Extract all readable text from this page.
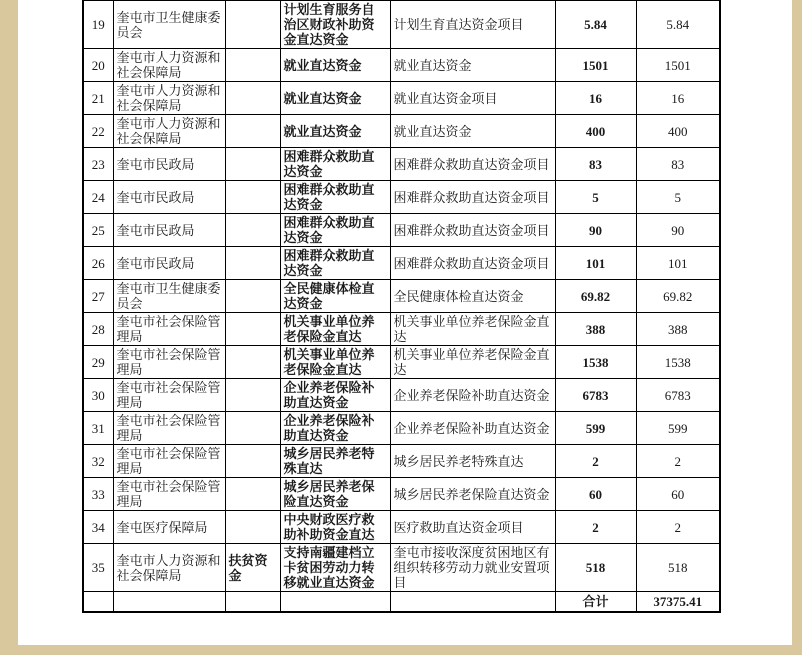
19	奎屯市卫生健康委员会		计划生育服务自治区财政补助资金直达资金	计划生育直达资金项目	5.84	5.84
20	奎屯市人力资源和社会保障局		就业直达资金	就业直达资金	1501	1501
21	奎屯市人力资源和社会保障局		就业直达资金	就业直达资金项目	16	16
22	奎屯市人力资源和社会保障局		就业直达资金	就业直达资金	400	400
23	奎屯市民政局		困难群众救助直达资金	困难群众救助直达资金项目	83	83
24	奎屯市民政局		困难群众救助直达资金	困难群众救助直达资金项目	5	5
25	奎屯市民政局		困难群众救助直达资金	困难群众救助直达资金项目	90	90
26	奎屯市民政局		困难群众救助直达资金	困难群众救助直达资金项目	101	101
27	奎屯市卫生健康委员会		全民健康体检直达资金	全民健康体检直达资金	69.82	69.82
28	奎屯市社会保险管理局		机关事业单位养老保险金直达	机关事业单位养老保险金直达	388	388
29	奎屯市社会保险管理局		机关事业单位养老保险金直达	机关事业单位养老保险金直达	1538	1538
30	奎屯市社会保险管理局		企业养老保险补助直达资金	企业养老保险补助直达资金	6783	6783
31	奎屯市社会保险管理局		企业养老保险补助直达资金	企业养老保险补助直达资金	599	599
32	奎屯市社会保险管理局		城乡居民养老特殊直达	城乡居民养老特殊直达	2	2
33	奎屯市社会保险管理局		城乡居民养老保险直达资金	城乡居民养老保险直达资金	60	60
34	奎屯医疗保障局		中央财政医疗救助补助资金直达	医疗救助直达资金项目	2	2
35	奎屯市人力资源和社会保障局	扶贫资金	支持南疆建档立卡贫困劳动力转移就业直达资金	奎屯市接收深度贫困地区有组织转移劳动力就业安置项目	518	518
					合计	37375.41
